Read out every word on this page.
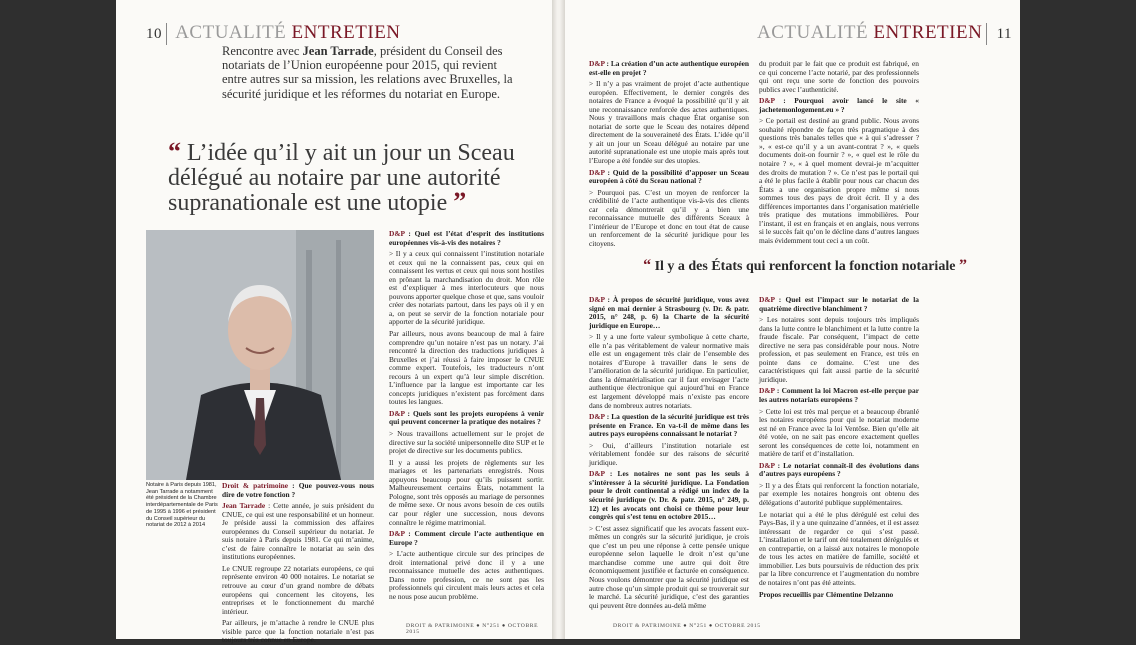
10 ACTUALITÉ ENTRETIEN
Rencontre avec Jean Tarrade, président du Conseil des notariats de l’Union européenne pour 2015, qui revient entre autres sur sa mission, les relations avec Bruxelles, la sécurité juridique et les réformes du notariat en Europe.
“ L’idée qu’il y ait un jour un Sceau délégué au notaire par une autorité supranationale est une utopie ”
Notaire à Paris depuis 1981, Jean Tarrade a notamment été président de la Chambre interdépartementale de Paris de 1995 à 1996 et président du Conseil supérieur du notariat de 2012 à 2014

Droit & patrimoine : Que pouvez-vous nous dire de votre fonction ?

Jean Tarrade : Cette année, je suis président du CNUE, ce qui est une responsabilité et un honneur. Je préside aussi la commission des affaires européennes du Conseil supérieur du notariat. Je suis notaire à Paris depuis 1981. Ce qui m’anime, c’est de faire connaître le notariat au sein des institutions européennes.

Le CNUE regroupe 22 notariats européens, ce qui représente environ 40 000 notaires. Le notariat se retrouve au cœur d’un grand nombre de débats européens qui concernent les citoyens, les entreprises et le fonctionnement du marché intérieur.

Par ailleurs, je m’attache à rendre le CNUE plus visible parce que la fonction notariale n’est pas toujours très connue en Europe.

D&P : Quel est l’état d’esprit des institutions européennes vis-à-vis des notaires ?

> Il y a ceux qui connaissent l’institution notariale et ceux qui ne la connaissent pas, ceux qui en connaissent les vertus et ceux qui nous sont hostiles en prônant la marchandisation du droit. Mon rôle est d’expliquer à mes interlocuteurs que nous pouvons apporter quelque chose et que, sans vouloir créer des notariats partout, dans les pays où il y en a, on peut se servir de la fonction notariale pour apporter de la sécurité juridique.

Par ailleurs, nous avons beaucoup de mal à faire comprendre qu’un notaire n’est pas un notary. J’ai rencontré la direction des traductions juridiques à Bruxelles et j’ai réussi à faire imposer le CNUE comme expert. Toutefois, les traducteurs n’ont recours à un expert qu’à leur simple discrétion. L’influence par la langue est importante car les concepts juridiques n’existent pas forcément dans toutes les langues.

D&P : Quels sont les projets européens à venir qui peuvent concerner la pratique des notaires ?

> Nous travaillons actuellement sur le projet de directive sur la société unipersonnelle dite SUP et le projet de directive sur les documents publics.

Il y a aussi les projets de règlements sur les mariages et les partenariats enregistrés. Nous appuyons beaucoup pour qu’ils puissent sortir. Malheureusement certains États, notamment la Pologne, sont très opposés au mariage de personnes de même sexe. Or nous avons besoin de ces outils car pour régler une succession, nous devons connaître le régime matrimonial.

D&P : Comment circule l’acte authentique en Europe ?

> L’acte authentique circule sur des principes de droit international privé donc il y a une reconnaissance mutuelle des actes authentiques. Dans notre profession, ce ne sont pas les professionnels qui circulent mais leurs actes et cela ne nous pose aucun problème.

DROIT & PATRIMOINE ● N°251 ● OCTOBRE 2015
ACTUALITÉ ENTRETIEN 11

D&P : La création d’un acte authentique européen est-elle en projet ?

> Il n’y a pas vraiment de projet d’acte authentique européen. Effectivement, le dernier congrès des notaires de France a évoqué la possibilité qu’il y ait une reconnaissance renforcée des actes authentiques. Nous y travaillons mais chaque État organise son notariat de sorte que le Sceau des notaires dépend directement de la souveraineté des États. L’idée qu’il y ait un jour un Sceau délégué au notaire par une autorité supranationale est une utopie mais après tout l’Europe a été fondée sur des utopies.

D&P : Quid de la possibilité d’apposer un Sceau européen à côté du Sceau national ?

> Pourquoi pas. C’est un moyen de renforcer la crédibilité de l’acte authentique vis-à-vis des clients car cela démontrerait qu’il y a bien une reconnaissance mutuelle des différents Sceaux à l’intérieur de l’Europe et donc en tout état de cause un renforcement de la sécurité juridique pour les citoyens.

du produit par le fait que ce produit est fabriqué, en ce qui concerne l’acte notarié, par des professionnels qui ont reçu une sorte de fonction des pouvoirs publics avec l’authenticité.

D&P : Pourquoi avoir lancé le site « jachetemonlogement.eu » ?

> Ce portail est destiné au grand public. Nous avons souhaité répondre de façon très pragmatique à des questions très banales telles que « à qui s’adresser ? », « est-ce qu’il y a un avant-contrat ? », « quels documents doit-on fournir ? », « quel est le rôle du notaire ? », « à quel moment devrai-je m’acquitter des droits de mutation ? ». Ce n’est pas le portail qui a été le plus facile à établir pour nous car chacun des États a une organisation propre même si nous sommes tous des pays de droit écrit. Il y a des différences importantes dans l’organisation matérielle très pratique des mutations immobilières. Pour l’instant, il est en français et en anglais, nous verrons si le succès fait qu’on le décline dans d’autres langues mais évidemment tout ceci a un coût.

“ Il y a des États qui renforcent la fonction notariale ”

D&P : À propos de sécurité juridique, vous avez signé en mai dernier à Strasbourg (v. Dr. & patr. 2015, n° 248, p. 6) la Charte de la sécurité juridique en Europe…

> Il y a une forte valeur symbolique à cette charte, elle n’a pas véritablement de valeur normative mais elle est un engagement très clair de l’ensemble des notaires d’Europe à travailler dans le sens de l’amélioration de la sécurité juridique. En particulier, dans la dématérialisation car il faut envisager l’acte authentique électronique qui aujourd’hui en France est largement développé mais n’existe pas encore dans de nombreux autres notariats.

D&P : La question de la sécurité juridique est très présente en France. En va-t-il de même dans les autres pays européens connaissant le notariat ?

> Oui, d’ailleurs l’institution notariale est véritablement fondée sur des raisons de sécurité juridique.

D&P : Les notaires ne sont pas les seuls à s’intéresser à la sécurité juridique. La Fondation pour le droit continental a rédigé un index de la sécurité juridique (v. Dr. & patr. 2015, n° 249, p. 12) et les avocats ont choisi ce thème pour leur congrès qui s’est tenu en octobre 2015…

> C’est assez significatif que les avocats fassent eux-mêmes un congrès sur la sécurité juridique, je crois que c’est un peu une réponse à cette pensée unique européenne selon laquelle le droit n’est qu’une marchandise comme une autre qui doit être économiquement justifiée et facturée en conséquence. Nous voulons démontrer que la sécurité juridique est autre chose qu’un simple produit qui se trouverait sur le marché. La sécurité juridique, c’est des garanties qui peuvent être données au-delà même

D&P : Quel est l’impact sur le notariat de la quatrième directive blanchiment ?

> Les notaires sont depuis toujours très impliqués dans la lutte contre le blanchiment et la lutte contre la fraude fiscale. Par conséquent, l’impact de cette directive ne sera pas considérable pour nous. Notre profession, et pas seulement en France, est très en pointe dans ce domaine. C’est une des caractéristiques qui fait aussi partie de la sécurité juridique.

D&P : Comment la loi Macron est-elle perçue par les autres notariats européens ?

> Cette loi est très mal perçue et a beaucoup ébranlé les notaires européens pour qui le notariat moderne est né en France avec la loi Ventôse. Bien qu’elle ait été votée, on ne sait pas encore exactement quelles seront les conséquences de cette loi, notamment en matière de tarif et d’installation.

D&P : Le notariat connaît-il des évolutions dans d’autres pays européens ?

> Il y a des États qui renforcent la fonction notariale, par exemple les notaires hongrois ont obtenu des délégations d’autorité publique supplémentaires.

Le notariat qui a été le plus dérégulé est celui des Pays-Bas, il y a une quinzaine d’années, et il est assez intéressant de regarder ce qui s’est passé. L’installation et le tarif ont été totalement dérégulés et en contrepartie, on a laissé aux notaires le monopole de tous les actes en matière de famille, société et immobilier. Les buts poursuivis de réduction des prix par la libre concurrence et l’augmentation du nombre de notaires n’ont pas été atteints.

Propos recueillis par Clémentine Delzanno

DROIT & PATRIMOINE ● N°251 ● OCTOBRE 2015
